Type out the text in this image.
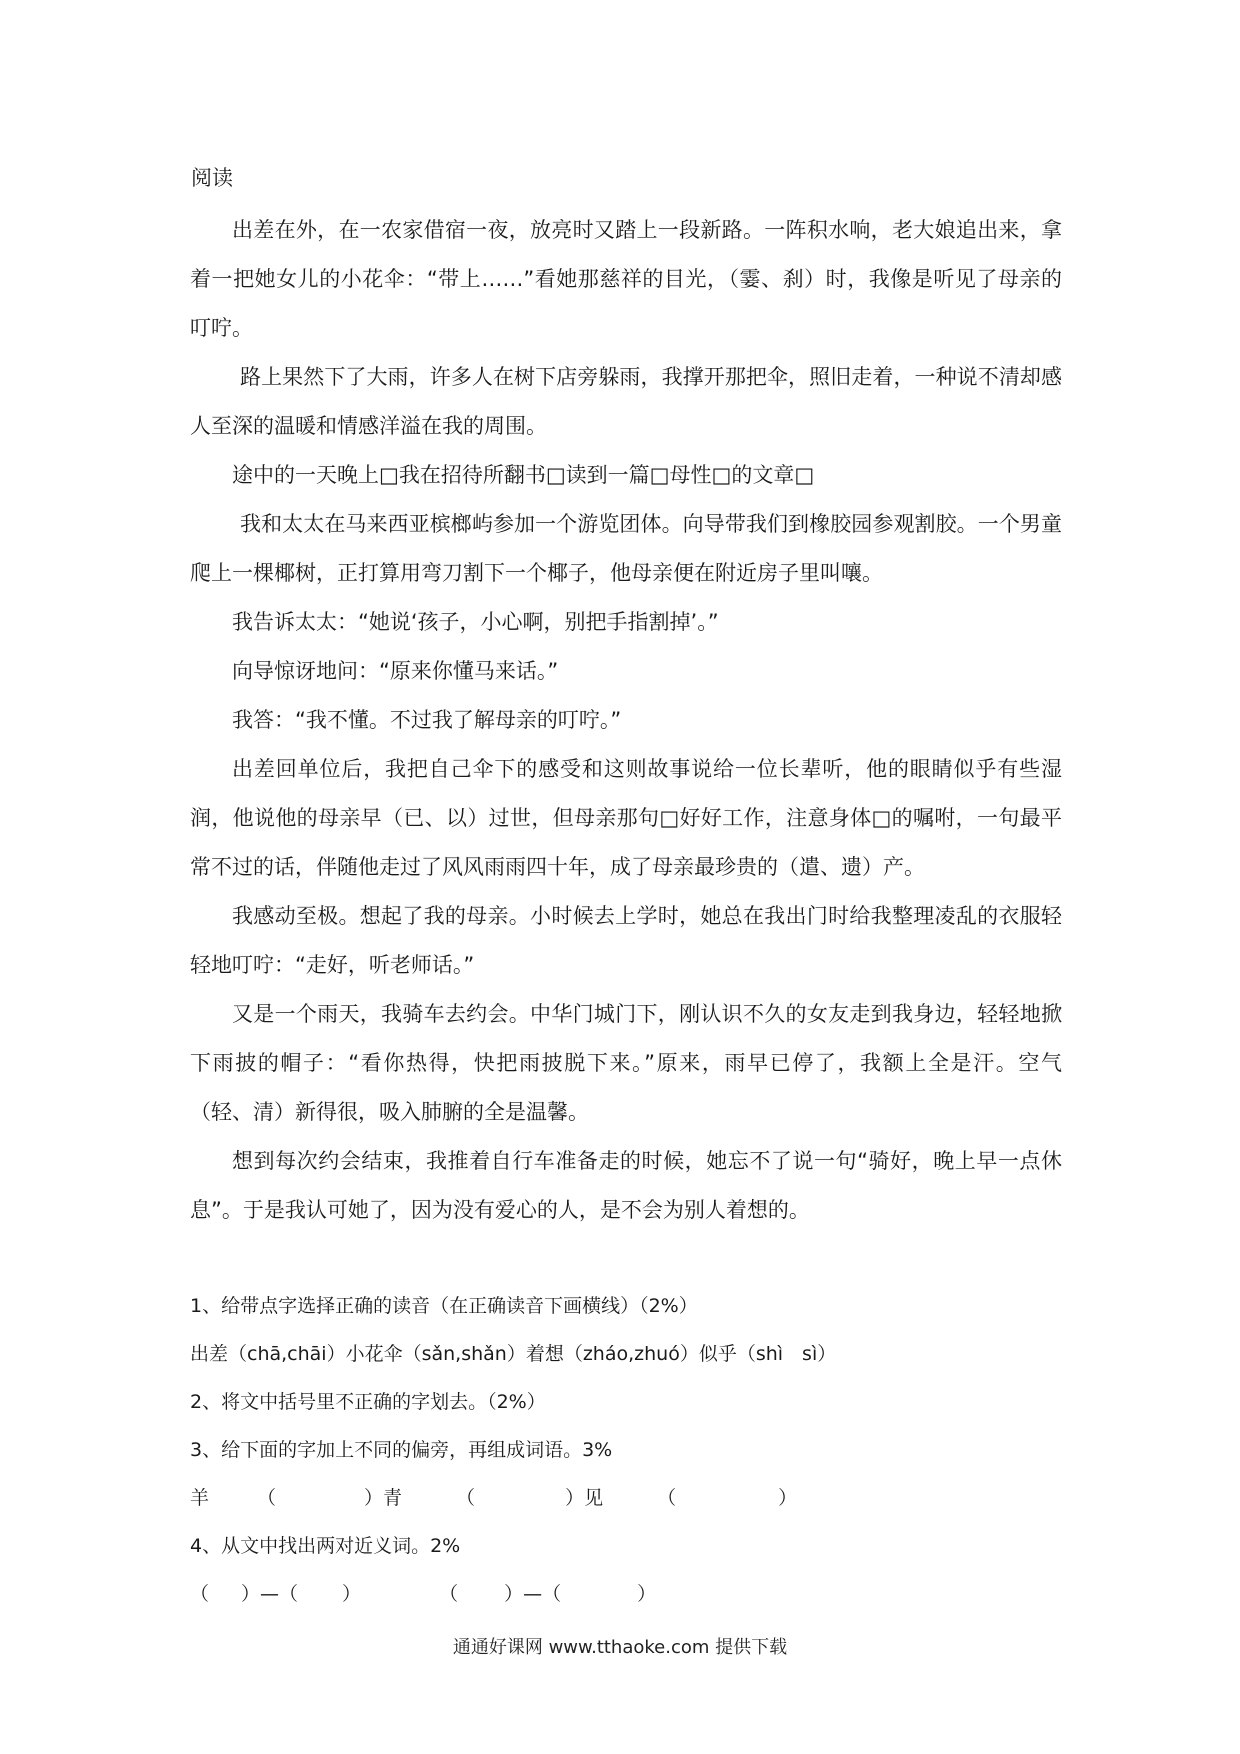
阅读

出差在外，在一农家借宿一夜，放亮时又踏上一段新路。一阵积水响，老大娘追出来，拿着一把她女儿的小花伞：“带上……”看她那慈祥的目光，（霎、刹）时，我像是听见了母亲的叮咛。

路上果然下了大雨，许多人在树下店旁躲雨，我撑开那把伞，照旧走着，一种说不清却感人至深的温暖和情感洋溢在我的周围。

途中的一天晚上□我在招待所翻书□读到一篇□母性□的文章□

我和太太在马来西亚槟榔屿参加一个游览团体。向导带我们到橡胶园参观割胶。一个男童爬上一棵椰树，正打算用弯刀割下一个椰子，他母亲便在附近房子里叫嚷。

我告诉太太：“她说‘孩子，小心啊，别把手指割掉’。”

向导惊讶地问：“原来你懂马来话。”

我答：“我不懂。不过我了解母亲的叮咛。”

出差回单位后，我把自己伞下的感受和这则故事说给一位长辈听，他的眼睛似乎有些湿润，他说他的母亲早（已、以）过世，但母亲那句□好好工作，注意身体□的嘱咐，一句最平常不过的话，伴随他走过了风风雨雨四十年，成了母亲最珍贵的（遣、遗）产。

我感动至极。想起了我的母亲。小时候去上学时，她总在我出门时给我整理凌乱的衣服轻轻地叮咛：“走好，听老师话。”

又是一个雨天，我骑车去约会。中华门城门下，刚认识不久的女友走到我身边，轻轻地掀下雨披的帽子：“看你热得，快把雨披脱下来。”原来，雨早已停了，我额上全是汗。空气（轻、清）新得很，吸入肺腑的全是温馨。

想到每次约会结束，我推着自行车准备走的时候，她忘不了说一句“骑好，晚上早一点休息”。于是我认可她了，因为没有爱心的人，是不会为别人着想的。

1、给带点字选择正确的读音（在正确读音下画横线）（2%）
出差（chā,chāi）小花伞（sǎn,shǎn）着想（zháo,zhuó）似乎（shì　sì）
2、将文中括号里不正确的字划去。（2%）
3、给下面的字加上不同的偏旁，再组成词语。3%
羊	（	）青	（	）见	（	）
4、从文中找出两对近义词。2%
（ ） — （ ）	（ ） — （	）
通通好课网 www.tthaoke.com 提供下载
